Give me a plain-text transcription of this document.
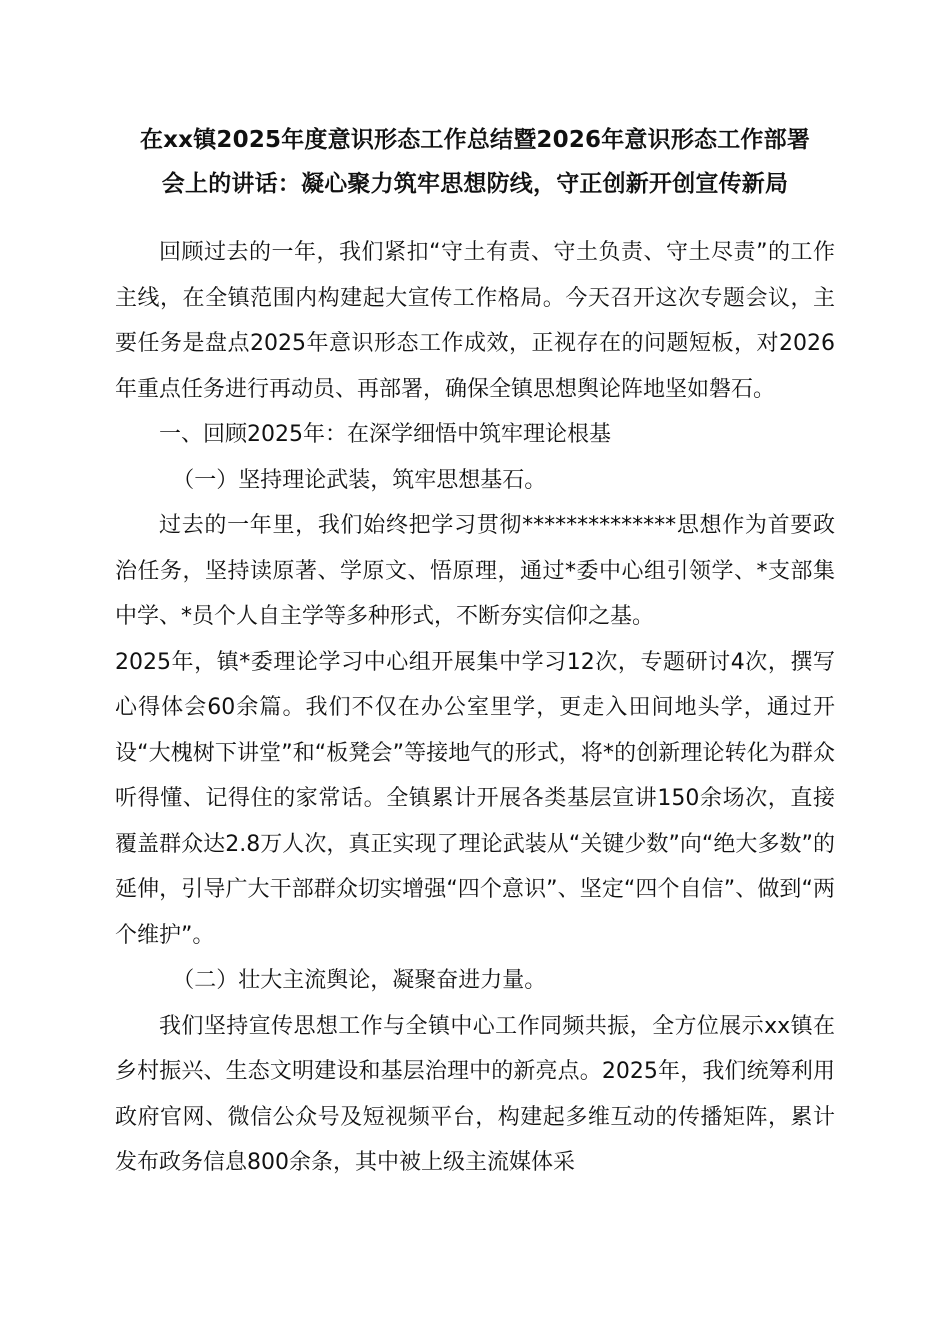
在xx镇2025年度意识形态工作总结暨2026年意识形态工作部署
会上的讲话：凝心聚力筑牢思想防线，守正创新开创宣传新局

回顾过去的一年，我们紧扣“守土有责、守土负责、守土尽责”的工作主线，在全镇范围内构建起大宣传工作格局。今天召开这次专题会议，主要任务是盘点2025年意识形态工作成效，正视存在的问题短板，对2026年重点任务进行再动员、再部署，确保全镇思想舆论阵地坚如磐石。

一、回顾2025年：在深学细悟中筑牢理论根基

（一）坚持理论武装，筑牢思想基石。

过去的一年里，我们始终把学习贯彻**************思想作为首要政治任务，坚持读原著、学原文、悟原理，通过*委中心组引领学、*支部集中学、*员个人自主学等多种形式，不断夯实信仰之基。

2025年，镇*委理论学习中心组开展集中学习12次，专题研讨4次，撰写心得体会60余篇。我们不仅在办公室里学，更走入田间地头学，通过开设“大槐树下讲堂”和“板凳会”等接地气的形式，将*的创新理论转化为群众听得懂、记得住的家常话。全镇累计开展各类基层宣讲150余场次，直接覆盖群众达2.8万人次，真正实现了理论武装从“关键少数”向“绝大多数”的延伸，引导广大干部群众切实增强“四个意识”、坚定“四个自信”、做到“两个维护”。

（二）壮大主流舆论，凝聚奋进力量。

我们坚持宣传思想工作与全镇中心工作同频共振，全方位展示xx镇在乡村振兴、生态文明建设和基层治理中的新亮点。2025年，我们统筹利用政府官网、微信公众号及短视频平台，构建起多维互动的传播矩阵，累计发布政务信息800余条，其中被上级主流媒体采
